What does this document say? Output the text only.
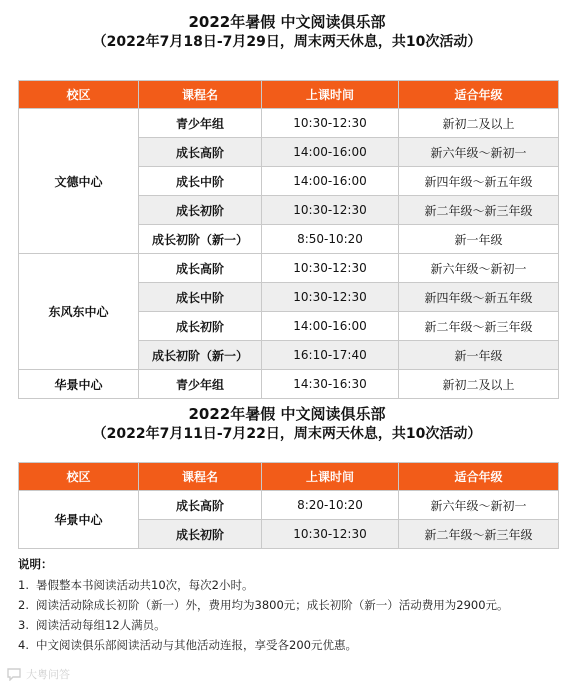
2022年暑假 中文阅读俱乐部
（2022年7月18日-7月29日，周末两天休息，共10次活动）
校区	课程名	上课时间	适合年级
文德中心	青少年组	10:30-12:30	新初二及以上
	成长高阶	14:00-16:00	新六年级～新初一
	成长中阶	14:00-16:00	新四年级～新五年级
	成长初阶	10:30-12:30	新二年级～新三年级
	成长初阶（新一）	8:50-10:20	新一年级
东风东中心	成长高阶	10:30-12:30	新六年级～新初一
	成长中阶	10:30-12:30	新四年级～新五年级
	成长初阶	14:00-16:00	新二年级～新三年级
	成长初阶（新一）	16:10-17:40	新一年级
华景中心	青少年组	14:30-16:30	新初二及以上
2022年暑假 中文阅读俱乐部
（2022年7月11日-7月22日，周末两天休息，共10次活动）
校区	课程名	上课时间	适合年级
华景中心	成长高阶	8:20-10:20	新六年级～新初一
	成长初阶	10:30-12:30	新二年级～新三年级
说明：
1. 暑假整本书阅读活动共10次，每次2小时。
2. 阅读活动除成长初阶（新一）外，费用均为3800元；成长初阶（新一）活动费用为2900元。
3. 阅读活动每组12人满员。
4. 中文阅读俱乐部阅读活动与其他活动连报，享受各200元优惠。
大粤问答
